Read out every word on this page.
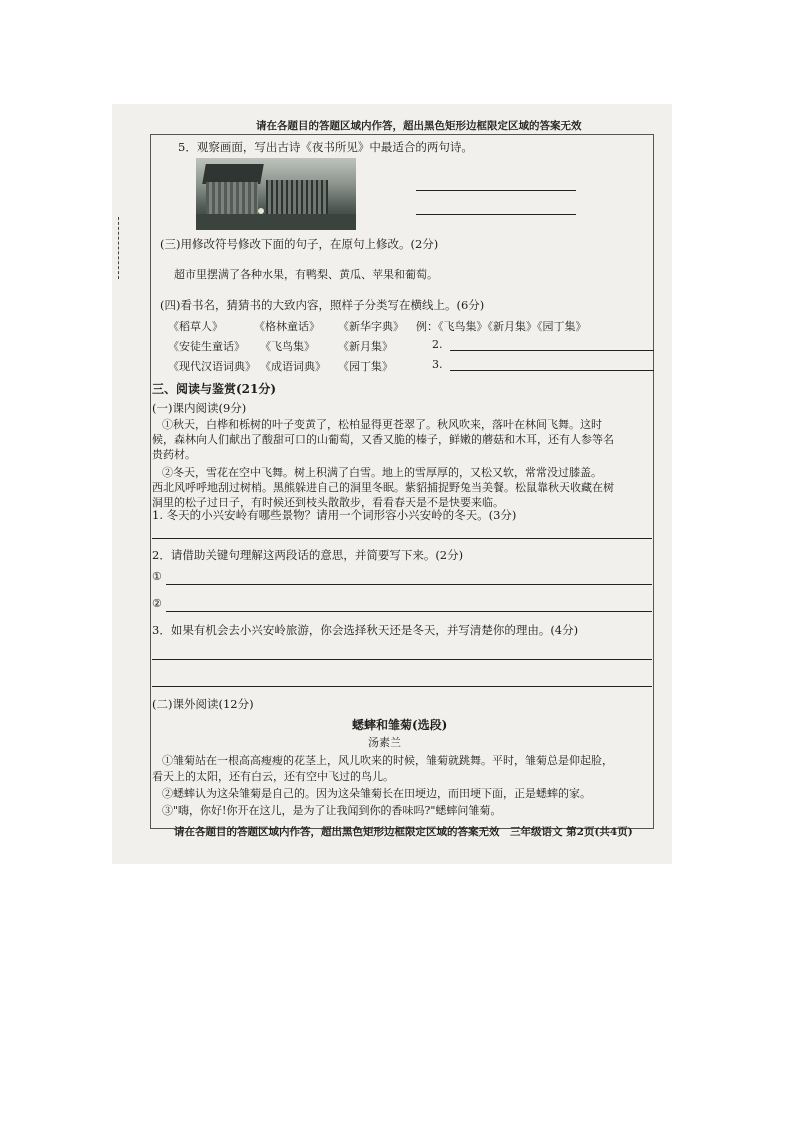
请在各题目的答题区域内作答，超出黑色矩形边框限定区域的答案无效
5．观察画面，写出古诗《夜书所见》中最适合的两句诗。
(三)用修改符号修改下面的句子，在原句上修改。(2分)
超市里摆满了各种水果，有鸭梨、黄瓜、苹果和葡萄。
(四)看书名，猜猜书的大致内容，照样子分类写在横线上。(6分)
《稻草人》	《格林童话》 《新华字典》 例：《飞鸟集》《新月集》《园丁集》
《安徒生童话》 《飞鸟集》 《新月集》	2.
《现代汉语词典》 《成语词典》 《园丁集》	3.
三、阅读与鉴赏(21分)
(一)课内阅读(9分)
①秋天，白桦和栎树的叶子变黄了，松柏显得更苍翠了。秋风吹来，落叶在林间飞舞。这时
候，森林向人们献出了酸甜可口的山葡萄，又香又脆的榛子，鲜嫩的蘑菇和木耳，还有人参等名
贵药材。
②冬天，雪花在空中飞舞。树上积满了白雪。地上的雪厚厚的，又松又软，常常没过膝盖。
西北风呼呼地刮过树梢。黑熊躲进自己的洞里冬眠。紫貂捕捉野兔当美餐。松鼠靠秋天收藏在树
洞里的松子过日子，有时候还到枝头散散步，看看春天是不是快要来临。
1. 冬天的小兴安岭有哪些景物？请用一个词形容小兴安岭的冬天。(3分)
2．请借助关键句理解这两段话的意思，并简要写下来。(2分)
①
②
3．如果有机会去小兴安岭旅游，你会选择秋天还是冬天，并写清楚你的理由。(4分)
(二)课外阅读(12分)
蟋蟀和雏菊(选段)
汤素兰
①雏菊站在一根高高瘦瘦的花茎上，风儿吹来的时候，雏菊就跳舞。平时，雏菊总是仰起脸，
看天上的太阳，还有白云，还有空中飞过的鸟儿。
②蟋蟀认为这朵雏菊是自己的。因为这朵雏菊长在田埂边，而田埂下面，正是蟋蟀的家。
③"嗨，你好!你开在这儿，是为了让我闻到你的香味吗?"蟋蟀问雏菊。
请在各题目的答题区域内作答，超出黑色矩形边框限定区域的答案无效 三年级语文 第2页(共4页)
